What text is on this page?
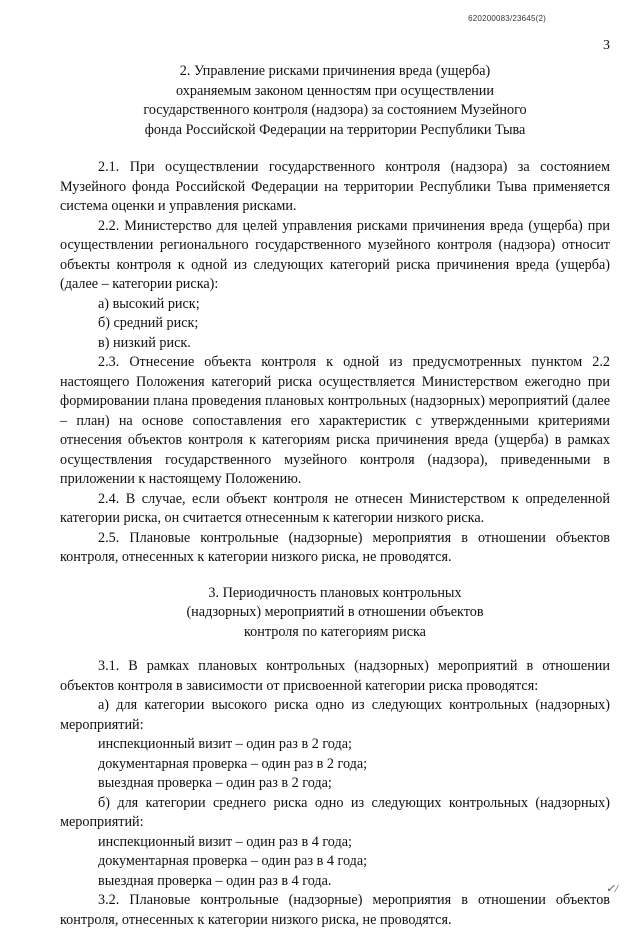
620200083/23645(2)
3
2. Управление рисками причинения вреда (ущерба)
охраняемым законом ценностям при осуществлении
государственного контроля (надзора) за состоянием Музейного
фонда Российской Федерации на территории Республики Тыва

2.1. При осуществлении государственного контроля (надзора) за состоянием Музейного фонда Российской Федерации на территории Республики Тыва применяется система оценки и управления рисками.

2.2. Министерство для целей управления рисками причинения вреда (ущерба) при осуществлении регионального государственного музейного контроля (надзора) относит объекты контроля к одной из следующих категорий риска причинения вреда (ущерба) (далее – категории риска):

а) высокий риск;

б) средний риск;

в) низкий риск.

2.3. Отнесение объекта контроля к одной из предусмотренных пунктом 2.2 настоящего Положения категорий риска осуществляется Министерством ежегодно при формировании плана проведения плановых контрольных (надзорных) мероприятий (далее – план) на основе сопоставления его характеристик с утвержденными критериями отнесения объектов контроля к категориям риска причинения вреда (ущерба) в рамках осуществления государственного музейного контроля (надзора), приведенными в приложении к настоящему Положению.

2.4. В случае, если объект контроля не отнесен Министерством к определенной категории риска, он считается отнесенным к категории низкого риска.

2.5. Плановые контрольные (надзорные) мероприятия в отношении объектов контроля, отнесенных к категории низкого риска, не проводятся.

3. Периодичность плановых контрольных
(надзорных) мероприятий в отношении объектов
контроля по категориям риска

3.1. В рамках плановых контрольных (надзорных) мероприятий в отношении объектов контроля в зависимости от присвоенной категории риска проводятся:

а) для категории высокого риска одно из следующих контрольных (надзорных) мероприятий:

инспекционный визит – один раз в 2 года;

документарная проверка – один раз в 2 года;

выездная проверка – один раз в 2 года;

б) для категории среднего риска одно из следующих контрольных (надзорных) мероприятий:

инспекционный визит – один раз в 4 года;

документарная проверка – один раз в 4 года;

выездная проверка – один раз в 4 года.

3.2. Плановые контрольные (надзорные) мероприятия в отношении объектов контроля, отнесенных к категории низкого риска, не проводятся.

✓/
